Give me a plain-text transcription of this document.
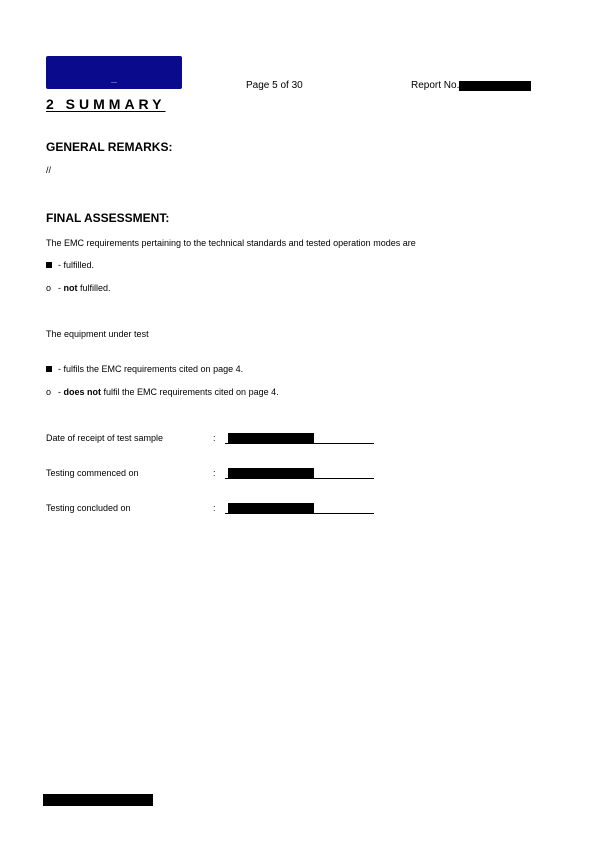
Page 5 of 30	Report No.
2 SUMMARY
GENERAL REMARKS:
//
FINAL ASSESSMENT:
The EMC requirements pertaining to the technical standards and tested operation modes are
- fulfilled.
o - not fulfilled.
The equipment under test
- fulfils the EMC requirements cited on page 4.
o - does not fulfil the EMC requirements cited on page 4.
Date of receipt of test sample	:
Testing commenced on	:
Testing concluded on	:
